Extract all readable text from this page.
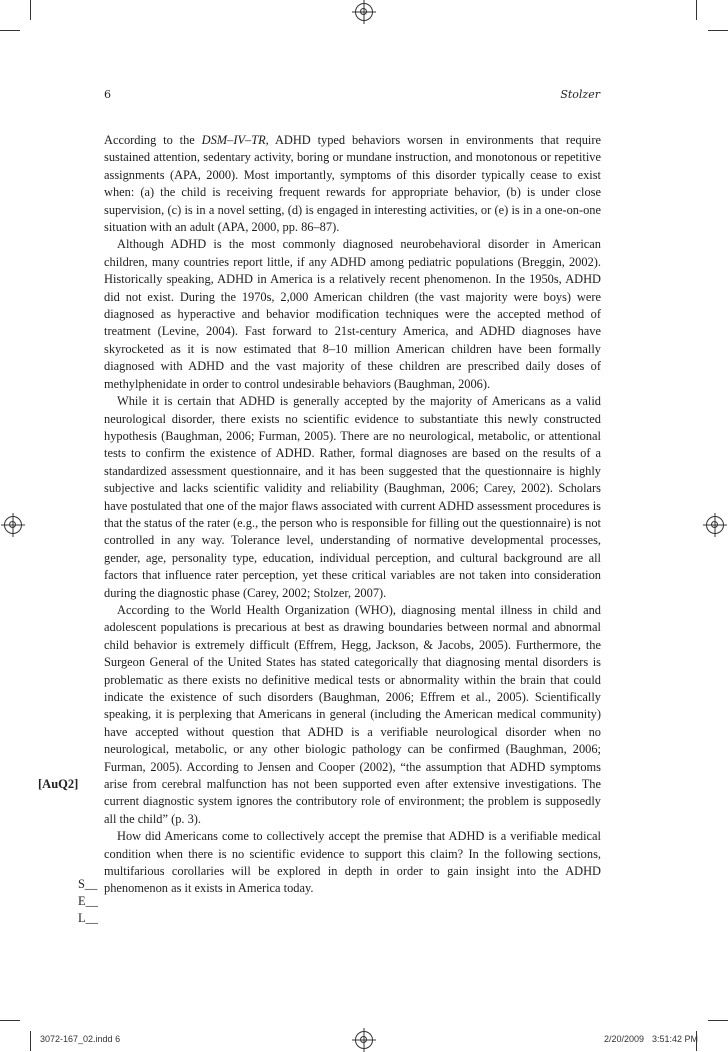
6	Stolzer

According to the DSM–IV–TR, ADHD typed behaviors worsen in environments that require sustained attention, sedentary activity, boring or mundane instruction, and monotonous or repetitive assignments (APA, 2000). Most importantly, symptoms of this disorder typically cease to exist when: (a) the child is receiving frequent rewards for appropriate behavior, (b) is under close supervision, (c) is in a novel setting, (d) is engaged in interesting activities, or (e) is in a one-on-one situation with an adult (APA, 2000, pp. 86–87).

Although ADHD is the most commonly diagnosed neurobehavioral disorder in American children, many countries report little, if any ADHD among pediatric populations (Breggin, 2002). Historically speaking, ADHD in America is a relatively recent phenomenon. In the 1950s, ADHD did not exist. During the 1970s, 2,000 American children (the vast majority were boys) were diagnosed as hyperactive and behavior modification techniques were the accepted method of treatment (Levine, 2004). Fast forward to 21st-century America, and ADHD diagnoses have skyrocketed as it is now estimated that 8–10 million American children have been formally diagnosed with ADHD and the vast majority of these children are prescribed daily doses of methylphenidate in order to control undesirable behaviors (Baughman, 2006).

While it is certain that ADHD is generally accepted by the majority of Americans as a valid neurological disorder, there exists no scientific evidence to substantiate this newly constructed hypothesis (Baughman, 2006; Furman, 2005). There are no neurological, metabolic, or attentional tests to confirm the existence of ADHD. Rather, formal diagnoses are based on the results of a standardized assessment questionnaire, and it has been suggested that the questionnaire is highly subjective and lacks scientific validity and reliability (Baughman, 2006; Carey, 2002). Scholars have postulated that one of the major flaws associated with current ADHD assessment procedures is that the status of the rater (e.g., the person who is responsible for filling out the questionnaire) is not controlled in any way. Tolerance level, understanding of normative developmental processes, gender, age, personality type, education, individual perception, and cultural background are all factors that influence rater perception, yet these critical variables are not taken into consideration during the diagnostic phase (Carey, 2002; Stolzer, 2007).

According to the World Health Organization (WHO), diagnosing mental illness in child and adolescent populations is precarious at best as drawing boundaries between normal and abnormal child behavior is extremely difficult (Effrem, Hegg, Jackson, & Jacobs, 2005). Furthermore, the Surgeon General of the United States has stated categorically that diagnosing mental disorders is problematic as there exists no definitive medical tests or abnormality within the brain that could indicate the existence of such disorders (Baughman, 2006; Effrem et al., 2005). Scientifically speaking, it is perplexing that Americans in general (including the American medical community) have accepted without question that ADHD is a verifiable neurological disorder when no neurological, metabolic, or any other biologic pathology can be confirmed (Baughman, 2006; Furman, 2005). According to Jensen and Cooper (2002), “the assumption that ADHD symptoms arise from cerebral malfunction has not been supported even after extensive investigations. The current diagnostic system ignores the contributory role of environment; the problem is supposedly all the child” (p. 3).

How did Americans come to collectively accept the premise that ADHD is a verifiable medical condition when there is no scientific evidence to support this claim? In the following sections, multifarious corollaries will be explored in depth in order to gain insight into the ADHD phenomenon as it exists in America today.

[AuQ2]
S__
E__
L__
3072-167_02.indd 6	2/20/2009 3:51:42 PM
